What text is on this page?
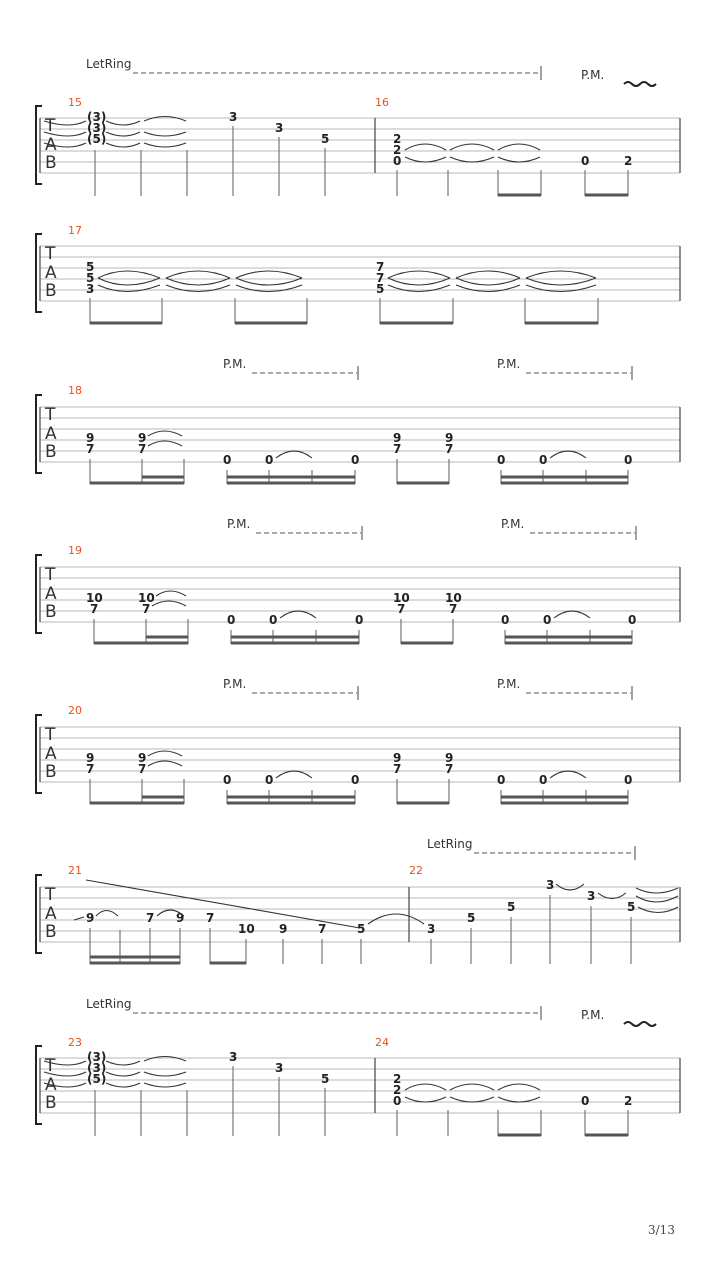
LetRing
P.M.
T
A
B
15	16
(3)
(3)
(5)
3
3
5	2
2
0	0	2
T
A
B
17
5
5
3
7
7
5
P.M.	P.M.
T
A
B
18
9
7
9
7
0	0	0
9
7
9
7
0	0	0
P.M.	P.M.
T
A
B
19
10
7
10
7
0	0	0
10
7
10
7
0	0	0
P.M.	P.M.
T
A
B
20
9
7
9
7
0	0	0
9
7
9
7
0	0	0
LetRing
T
A
B
21	22
9	7 9 7
10 9	7	5	3
5
5
3
3
5
LetRing
P.M.
T
A
B
23	24
(3)
(3)
(5)
3
3
5	2
2
0	0	2
3/13
